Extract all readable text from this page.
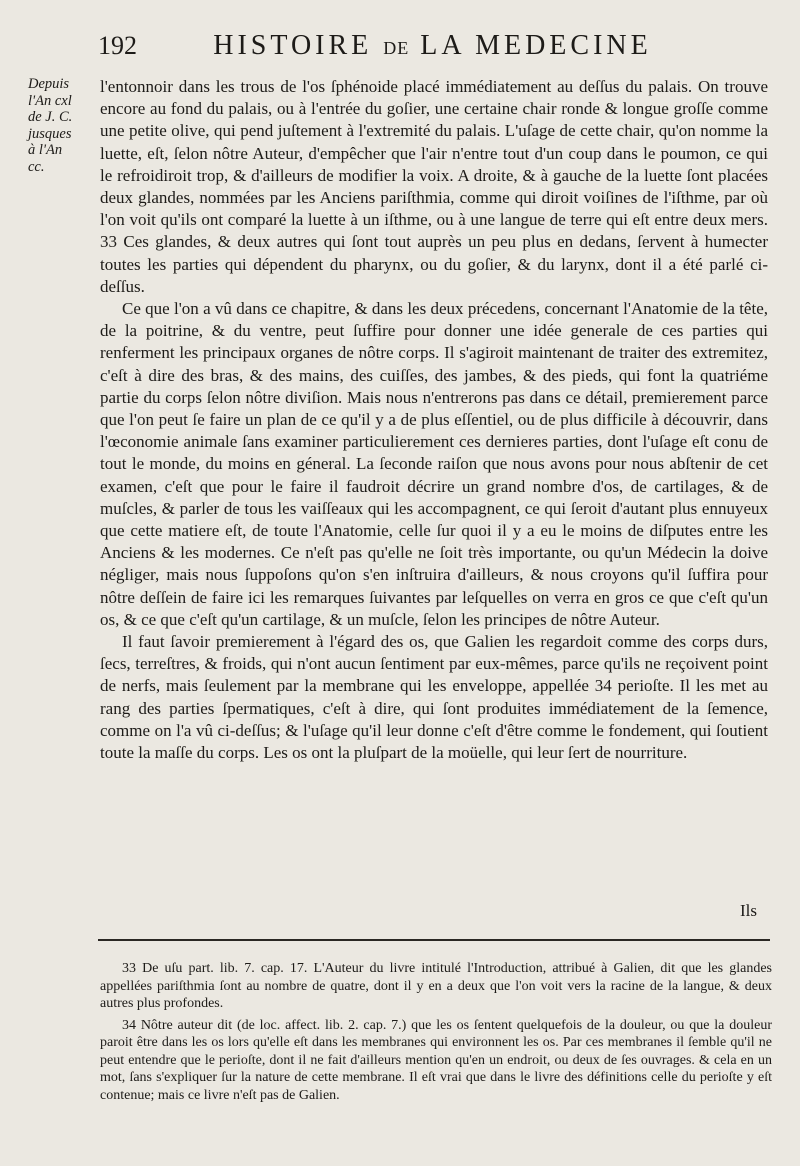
192	HISTOIRE DE LA MEDECINE
Depuis
l'An cxl
de J. C.
jusques
à l'An
cc.

l'entonnoir dans les trous de l'os ſphénoide placé immédiatement au deſſus du palais. On trouve encore au fond du palais, ou à l'entrée du goſier, une certaine chair ronde & longue groſſe comme une petite olive, qui pend juſtement à l'extremité du palais. L'uſage de cette chair, qu'on nomme la luette, eſt, ſelon nôtre Auteur, d'empêcher que l'air n'entre tout d'un coup dans le poumon, ce qui le refroidiroit trop, & d'ailleurs de modifier la voix. A droite, & à gauche de la luette ſont placées deux glandes, nommées par les Anciens pariſthmia, comme qui diroit voiſines de l'iſthme, par où l'on voit qu'ils ont comparé la luette à un iſthme, ou à une langue de terre qui eſt entre deux mers. 33 Ces glandes, & deux autres qui ſont tout auprès un peu plus en dedans, ſervent à humecter toutes les parties qui dépendent du pharynx, ou du goſier, & du larynx, dont il a été parlé ci-deſſus.

Ce que l'on a vû dans ce chapitre, & dans les deux précedens, concernant l'Anatomie de la tête, de la poitrine, & du ventre, peut ſuffire pour donner une idée generale de ces parties qui renferment les principaux organes de nôtre corps. Il s'agiroit maintenant de traiter des extremitez, c'eſt à dire des bras, & des mains, des cuiſſes, des jambes, & des pieds, qui font la quatriéme partie du corps ſelon nôtre diviſion. Mais nous n'entrerons pas dans ce détail, premierement parce que l'on peut ſe faire un plan de ce qu'il y a de plus eſſentiel, ou de plus difficile à découvrir, dans l'œconomie animale ſans examiner particulierement ces dernieres parties, dont l'uſage eſt conu de tout le monde, du moins en géneral. La ſeconde raiſon que nous avons pour nous abſtenir de cet examen, c'eſt que pour le faire il faudroit décrire un grand nombre d'os, de cartilages, & de muſcles, & parler de tous les vaiſſeaux qui les accompagnent, ce qui ſeroit d'autant plus ennuyeux que cette matiere eſt, de toute l'Anatomie, celle ſur quoi il y a eu le moins de diſputes entre les Anciens & les modernes. Ce n'eſt pas qu'elle ne ſoit très importante, ou qu'un Médecin la doive négliger, mais nous ſuppoſons qu'on s'en inſtruira d'ailleurs, & nous croyons qu'il ſuffira pour nôtre deſſein de faire ici les remarques ſuivantes par leſquelles on verra en gros ce que c'eſt qu'un os, & ce que c'eſt qu'un cartilage, & un muſcle, ſelon les principes de nôtre Auteur.

Il faut ſavoir premierement à l'égard des os, que Galien les regardoit comme des corps durs, ſecs, terreſtres, & froids, qui n'ont aucun ſentiment par eux-mêmes, parce qu'ils ne reçoivent point de nerfs, mais ſeulement par la membrane qui les enveloppe, appellée 34 perioſte. Il les met au rang des parties ſpermatiques, c'eſt à dire, qui ſont produites immédiatement de la ſemence, comme on l'a vû ci-deſſus; & l'uſage qu'il leur donne c'eſt d'être comme le fondement, qui ſoutient toute la maſſe du corps. Les os ont la pluſpart de la moüelle, qui leur ſert de nourriture.

Ils

33 De uſu part. lib. 7. cap. 17. L'Auteur du livre intitulé l'Introduction, attribué à Galien, dit que les glandes appellées pariſthmia ſont au nombre de quatre, dont il y en a deux que l'on voit vers la racine de la langue, & deux autres plus profondes.

34 Nôtre auteur dit (de loc. affect. lib. 2. cap. 7.) que les os ſentent quelquefois de la douleur, ou que la douleur paroit être dans les os lors qu'elle eſt dans les membranes qui environnent les os. Par ces membranes il ſemble qu'il ne peut entendre que le perioſte, dont il ne fait d'ailleurs mention qu'en un endroit, ou deux de ſes ouvrages. & cela en un mot, ſans s'expliquer ſur la nature de cette membrane. Il eſt vrai que dans le livre des définitions celle du perioſte y eſt contenue; mais ce livre n'eſt pas de Galien.
